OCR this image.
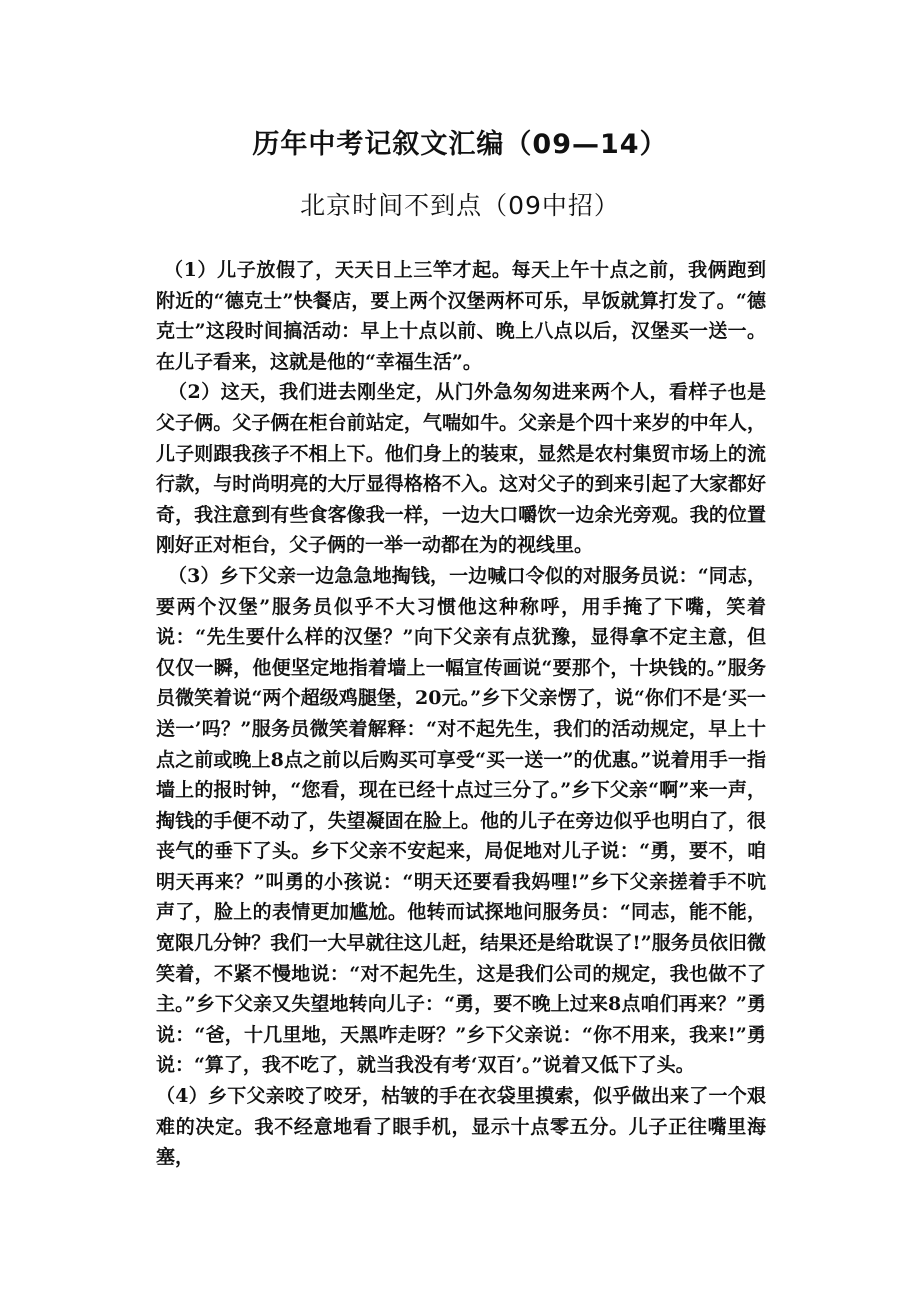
历年中考记叙文汇编（09—14）
北京时间不到点（09中招）

（1）儿子放假了，天天日上三竿才起。每天上午十点之前，我俩跑到附近的“德克士”快餐店，要上两个汉堡两杯可乐，早饭就算打发了。“德克士”这段时间搞活动：早上十点以前、晚上八点以后，汉堡买一送一。在儿子看来，这就是他的“幸福生活”。

（2）这天，我们进去刚坐定，从门外急匆匆进来两个人，看样子也是父子俩。父子俩在柜台前站定，气喘如牛。父亲是个四十来岁的中年人，儿子则跟我孩子不相上下。他们身上的装束，显然是农村集贸市场上的流行款，与时尚明亮的大厅显得格格不入。这对父子的到来引起了大家都好奇，我注意到有些食客像我一样，一边大口嚼饮一边余光旁观。我的位置刚好正对柜台，父子俩的一举一动都在为的视线里。

（3）乡下父亲一边急急地掏钱，一边喊口令似的对服务员说：“同志，要两个汉堡”服务员似乎不大习惯他这种称呼，用手掩了下嘴，笑着说：“先生要什么样的汉堡？”向下父亲有点犹豫，显得拿不定主意，但仅仅一瞬，他便坚定地指着墙上一幅宣传画说“要那个，十块钱的。”服务员微笑着说“两个超级鸡腿堡，20元。”乡下父亲愣了，说“你们不是‘买一送一’吗？”服务员微笑着解释：“对不起先生，我们的活动规定，早上十点之前或晚上8点之前以后购买可享受“买一送一”的优惠。”说着用手一指墙上的报时钟，“您看，现在已经十点过三分了。”乡下父亲“啊”来一声，掏钱的手便不动了，失望凝固在脸上。他的儿子在旁边似乎也明白了，很丧气的垂下了头。乡下父亲不安起来，局促地对儿子说：“勇，要不，咱明天再来？”叫勇的小孩说：“明天还要看我妈哩!”乡下父亲搓着手不吭声了，脸上的表情更加尴尬。他转而试探地问服务员：“同志，能不能，宽限几分钟？我们一大早就往这儿赶，结果还是给耽误了!”服务员依旧微笑着，不紧不慢地说：“对不起先生，这是我们公司的规定，我也做不了主。”乡下父亲又失望地转向儿子：“勇，要不晚上过来8点咱们再来？”勇说：“爸，十几里地，天黑咋走呀？”乡下父亲说：“你不用来，我来!”勇说：“算了，我不吃了，就当我没有考‘双百’。”说着又低下了头。

（4）乡下父亲咬了咬牙，枯皱的手在衣袋里摸索，似乎做出来了一个艰难的决定。我不经意地看了眼手机，显示十点零五分。儿子正往嘴里海塞，
